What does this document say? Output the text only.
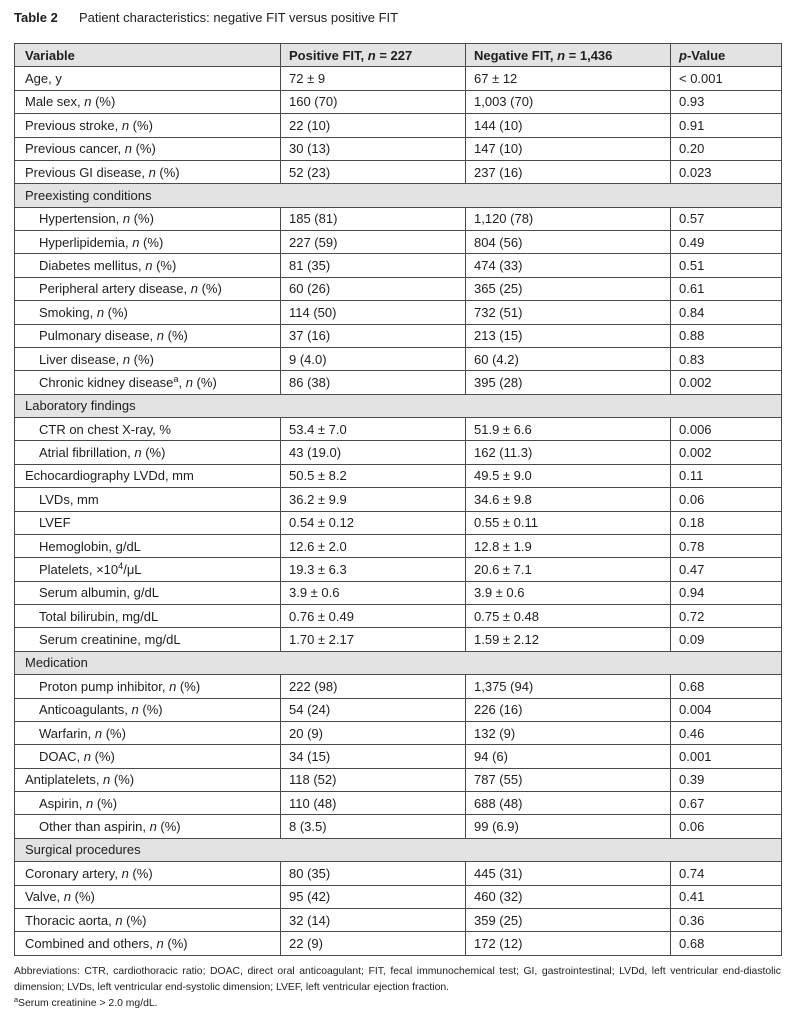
Table 2 Patient characteristics: negative FIT versus positive FIT
Variable	Positive FIT, n = 227	Negative FIT, n = 1,436	p-Value
Age, y	72 ± 9	67 ± 12	< 0.001
Male sex, n (%)	160 (70)	1,003 (70)	0.93
Previous stroke, n (%)	22 (10)	144 (10)	0.91
Previous cancer, n (%)	30 (13)	147 (10)	0.20
Previous GI disease, n (%)	52 (23)	237 (16)	0.023
Preexisting conditions			
Hypertension, n (%)	185 (81)	1,120 (78)	0.57
Hyperlipidemia, n (%)	227 (59)	804 (56)	0.49
Diabetes mellitus, n (%)	81 (35)	474 (33)	0.51
Peripheral artery disease, n (%)	60 (26)	365 (25)	0.61
Smoking, n (%)	114 (50)	732 (51)	0.84
Pulmonary disease, n (%)	37 (16)	213 (15)	0.88
Liver disease, n (%)	9 (4.0)	60 (4.2)	0.83
Chronic kidney disease$^a$, n (%)	86 (38)	395 (28)	0.002
Laboratory findings			
CTR on chest X-ray, %	53.4 ± 7.0	51.9 ± 6.6	0.006
Atrial fibrillation, n (%)	43 (19.0)	162 (11.3)	0.002
Echocardiography LVDd, mm	50.5 ± 8.2	49.5 ± 9.0	0.11
LVDs, mm	36.2 ± 9.9	34.6 ± 9.8	0.06
LVEF	0.54 ± 0.12	0.55 ± 0.11	0.18
Hemoglobin, g/dL	12.6 ± 2.0	12.8 ± 1.9	0.78
Platelets, $\times 10^4/\mu L$	19.3 ± 6.3	20.6 ± 7.1	0.47
Serum albumin, g/dL	3.9 ± 0.6	3.9 ± 0.6	0.94
Total bilirubin, mg/dL	0.76 ± 0.49	0.75 ± 0.48	0.72
Serum creatinine, mg/dL	1.70 ± 2.17	1.59 ± 2.12	0.09
Medication			
Proton pump inhibitor, n (%)	222 (98)	1,375 (94)	0.68
Anticoagulants, n (%)	54 (24)	226 (16)	0.004
Warfarin, n (%)	20 (9)	132 (9)	0.46
DOAC, n (%)	34 (15)	94 (6)	0.001
Antiplatelets, n (%)	118 (52)	787 (55)	0.39
Aspirin, n (%)	110 (48)	688 (48)	0.67
Other than aspirin, n (%)	8 (3.5)	99 (6.9)	0.06
Surgical procedures			
Coronary artery, n (%)	80 (35)	445 (31)	0.74
Valve, n (%)	95 (42)	460 (32)	0.41
Thoracic aorta, n (%)	32 (14)	359 (25)	0.36
Combined and others, n (%)	22 (9)	172 (12)	0.68

Abbreviations: CTR, cardiothoracic ratio; DOAC, direct oral anticoagulant; FIT, fecal immunochemical test; GI, gastrointestinal; LVDd, left ventricular end-diastolic dimension; LVDs, left ventricular end-systolic dimension; LVEF, left ventricular ejection fraction.

$^a$Serum creatinine > 2.0 mg/dL.
